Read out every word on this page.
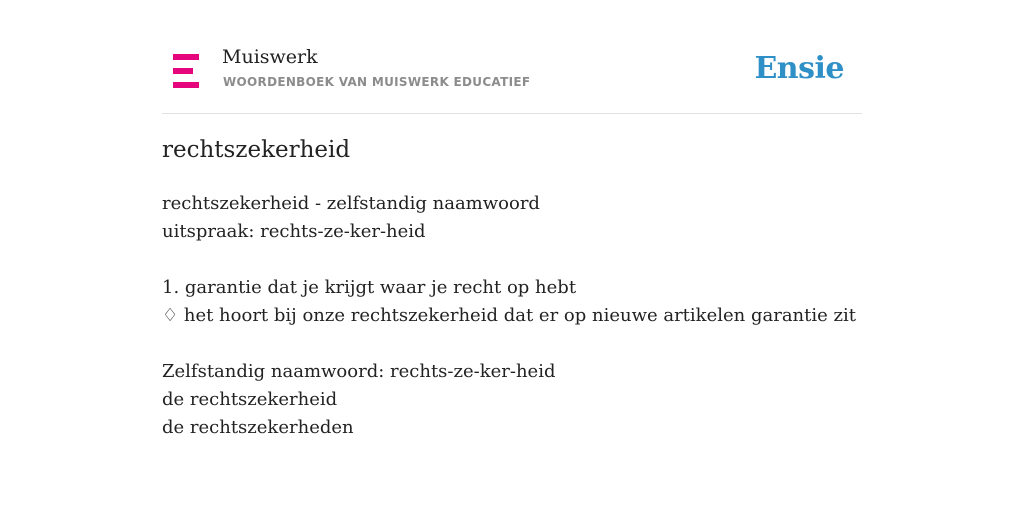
Muiswerk
WOORDENBOEK VAN MUISWERK EDUCATIEF	Ensie
rechtszekerheid
rechtszekerheid - zelfstandig naamwoord
uitspraak: rechts-ze-ker-heid
1. garantie dat je krijgt waar je recht op hebt
♢ het hoort bij onze rechtszekerheid dat er op nieuwe artikelen garantie zit
Zelfstandig naamwoord: rechts-ze-ker-heid
de rechtszekerheid
de rechtszekerheden
